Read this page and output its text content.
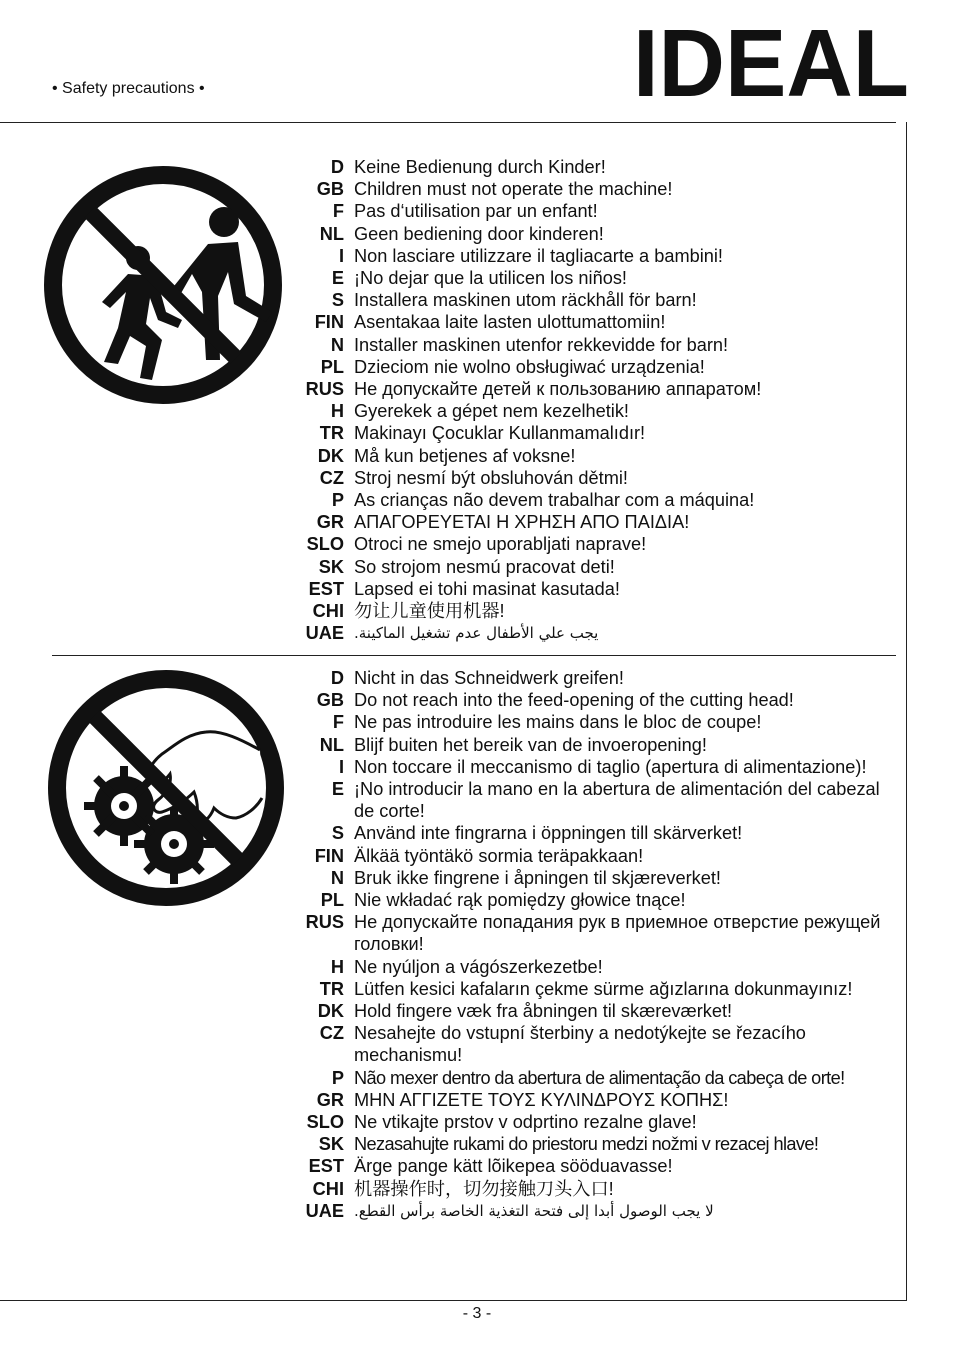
• Safety precautions •	IDEAL
D Keine Bedienung durch Kinder!
GB Children must not operate the machine!
F Pas d‘utilisation par un enfant!
NL Geen bediening door kinderen!
I Non lasciare utilizzare il tagliacarte a bambini!
E ¡No dejar que la utilicen los niños!
S Installera maskinen utom räckhåll för barn!
FIN Asentakaa laite lasten ulottumattomiin!
N Installer maskinen utenfor rekkevidde for barn!
PL Dzieciom nie wolno obsługiwać urządzenia!
RUS Не допускайте детей к пользованию аппаратом!
H Gyerekek a gépet nem kezelhetik!
TR Makinayı Çocuklar Kullanmamalıdır!
DK Må kun betjenes af voksne!
CZ Stroj nesmí být obsluhován dětmi!
P As crianças não devem trabalhar com a máquina!
GR ΑΠΑΓΟΡΕΥΕΤΑΙ Η ΧΡΗΣΗ ΑΠΟ ΠΑΙΔΙΑ!
SLO Otroci ne smejo uporabljati naprave!
SK So strojom nesmú pracovat deti!
EST Lapsed ei tohi masinat kasutada!
CHI 勿让儿童使用机器!
UAE يجب علي الأطفال عدم تشغيل الماكينة.
D Nicht in das Schneidwerk greifen!
GB Do not reach into the feed-opening of the cutting head!
F Ne pas introduire les mains dans le bloc de coupe!
NL Blijf buiten het bereik van de invoeropening!
I Non toccare il meccanismo di taglio (apertura di alimentazione)!
E ¡No introducir la mano en la abertura de alimentación del cabezal de corte!
S Använd inte fingrarna i öppningen till skärverket!
FIN Älkää työntäkö sormia teräpakkaan!
N Bruk ikke fingrene i åpningen til skjæreverket!
PL Nie wkładać rąk pomiędzy głowice tnące!
RUS Не допускайте попадания рук в приемное отверстие режущей головки!
H Ne nyúljon a vágószerkezetbe!
TR Lütfen kesici kafaların çekme sürme ağızlarına dokunmayınız!
DK Hold fingere væk fra åbningen til skæreværket!
CZ Nesahejte do vstupní šterbiny a nedotýkejte se řezacího mechanismu!
P Não mexer dentro da abertura de alimentação da cabeça de orte!
GR ΜΗΝ ΑΓΓΙΖΕΤΕ ΤΟΥΣ ΚΥΛΙΝΔΡΟΥΣ ΚΟΠΗΣ!
SLO Ne vtikajte prstov v odprtino rezalne glave!
SK Nezasahujte rukami do priestoru medzi nožmi v rezacej hlave!
EST Ärge pange kätt lõikepea sööduavasse!
CHI 机器操作时，切勿接触刀头入口!
UAE لا يجب الوصول أبدا إلى فتحة التغذية الخاصة برأس القطع.
- 3 -
